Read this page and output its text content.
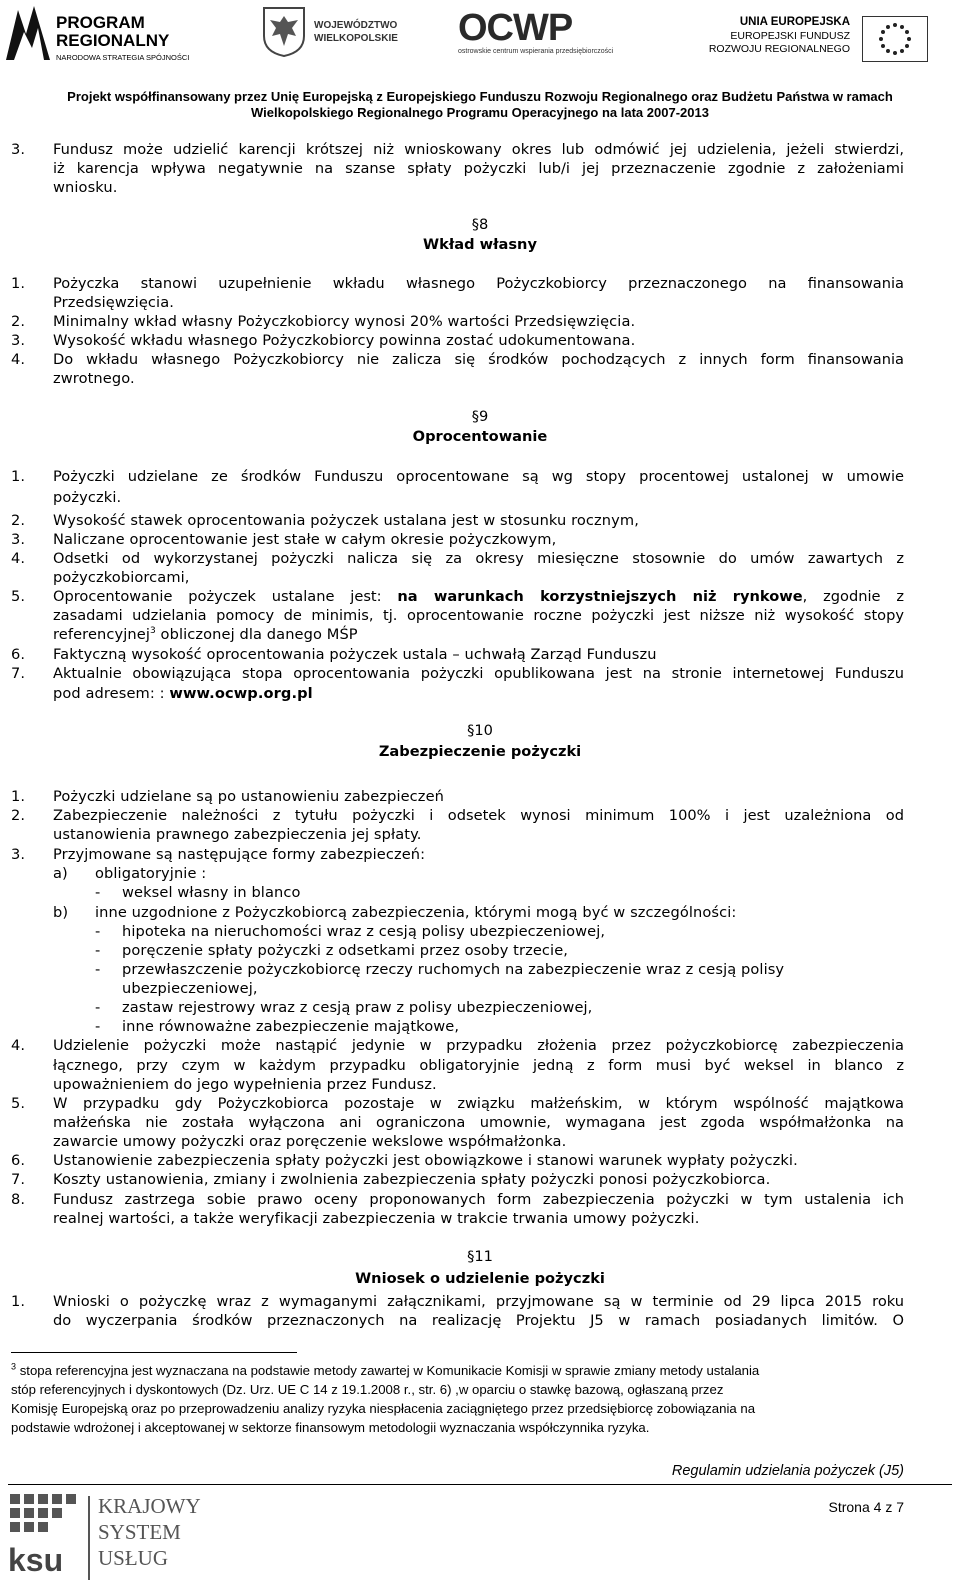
PROGRAM
REGIONALNY
NARODOWA STRATEGIA SPÓJNOŚCI
WOJEWÓDZTWO
WIELKOPOLSKIE OCWP
ostrowskie centrum wspierania przedsiębiorczości
UNIA EUROPEJSKA
EUROPEJSKI FUNDUSZ
ROZWOJU REGIONALNEGO
Projekt współfinansowany przez Unię Europejską z Europejskiego Funduszu Rozwoju Regionalnego oraz Budżetu Państwa w ramach
Wielkopolskiego Regionalnego Programu Operacyjnego na lata 2007-2013
3. Fundusz może udzielić karencji krótszej niż wnioskowany okres lub odmówić jej udzielenia, jeżeli stwierdzi,
iż karencja wpływa negatywnie na szanse spłaty pożyczki lub/i jej przeznaczenie zgodnie z założeniami
wniosku.
§8
Wkład własny
1. Pożyczka stanowi uzupełnienie wkładu własnego Pożyczkobiorcy przeznaczonego na finansowania
Przedsięwzięcia.
2. Minimalny wkład własny Pożyczkobiorcy wynosi 20% wartości Przedsięwzięcia.
3. Wysokość wkładu własnego Pożyczkobiorcy powinna zostać udokumentowana.
4. Do wkładu własnego Pożyczkobiorcy nie zalicza się środków pochodzących z innych form finansowania
zwrotnego.
§9
Oprocentowanie
1. Pożyczki udzielane ze środków Funduszu oprocentowane są wg stopy procentowej ustalonej w umowie
pożyczki.
2. Wysokość stawek oprocentowania pożyczek ustalana jest w stosunku rocznym,
3. Naliczane oprocentowanie jest stałe w całym okresie pożyczkowym,
4. Odsetki od wykorzystanej pożyczki nalicza się za okresy miesięczne stosownie do umów zawartych z
pożyczkobiorcami,
5. Oprocentowanie pożyczek ustalane jest: na warunkach korzystniejszych niż rynkowe, zgodnie z
zasadami udzielania pomocy de minimis, tj. oprocentowanie roczne pożyczki jest niższe niż wysokość stopy
referencyjnej$^3$ obliczonej dla danego MŚP
6. Faktyczną wysokość oprocentowania pożyczek ustala – uchwałą Zarząd Funduszu
7. Aktualnie obowiązująca stopa oprocentowania pożyczki opublikowana jest na stronie internetowej Funduszu
pod adresem: : www.ocwp.org.pl
§10
Zabezpieczenie pożyczki
1. Pożyczki udzielane są po ustanowieniu zabezpieczeń
2. Zabezpieczenie należności z tytułu pożyczki i odsetek wynosi minimum 100% i jest uzależniona od
ustanowienia prawnego zabezpieczenia jej spłaty.
3. Przyjmowane są następujące formy zabezpieczeń:
a) obligatoryjnie :
- weksel własny in blanco
b) inne uzgodnione z Pożyczkobiorcą zabezpieczenia, którymi mogą być w szczególności:
- hipoteka na nieruchomości wraz z cesją polisy ubezpieczeniowej,
- poręczenie spłaty pożyczki z odsetkami przez osoby trzecie,
- przewłaszczenie pożyczkobiorcę rzeczy ruchomych na zabezpieczenie wraz z cesją polisy
ubezpieczeniowej,
- zastaw rejestrowy wraz z cesją praw z polisy ubezpieczeniowej,
- inne równoważne zabezpieczenie majątkowe,
4. Udzielenie pożyczki może nastąpić jedynie w przypadku złożenia przez pożyczkobiorcę zabezpieczenia
łącznego, przy czym w każdym przypadku obligatoryjnie jedną z form musi być weksel in blanco z
upoważnieniem do jego wypełnienia przez Fundusz.
5. W przypadku gdy Pożyczkobiorca pozostaje w związku małżeńskim, w którym wspólność majątkowa
małżeńska nie została wyłączona ani ograniczona umownie, wymagana jest zgoda współmałżonka na
zawarcie umowy pożyczki oraz poręczenie wekslowe współmałżonka.
6. Ustanowienie zabezpieczenia spłaty pożyczki jest obowiązkowe i stanowi warunek wypłaty pożyczki.
7. Koszty ustanowienia, zmiany i zwolnienia zabezpieczenia spłaty pożyczki ponosi pożyczkobiorca.
8. Fundusz zastrzega sobie prawo oceny proponowanych form zabezpieczenia pożyczki w tym ustalenia ich
realnej wartości, a także weryfikacji zabezpieczenia w trakcie trwania umowy pożyczki.
§11
Wniosek o udzielenie pożyczki
1. Wnioski o pożyczkę wraz z wymaganymi załącznikami, przyjmowane są w terminie od 29 lipca 2015 roku
do wyczerpania środków przeznaczonych na realizację Projektu J5 w ramach posiadanych limitów. O
$^3$ stopa referencyjna jest wyznaczana na podstawie metody zawartej w Komunikacie Komisji w sprawie zmiany metody ustalania
stóp referencyjnych i dyskontowych (Dz. Urz. UE C 14 z 19.1.2008 r., str. 6) ,w oparciu o stawkę bazową, ogłaszaną przez
Komisję Europejską oraz po przeprowadzeniu analizy ryzyka niespłacenia zaciągniętego przez przedsiębiorcę zobowiązania na
podstawie wdrożonej i akceptowanej w sektorze finansowym metodologii wyznaczania współczynnika ryzyka.
Regulamin udzielania pożyczek (J5)
ksu
KRAJOWY
SYSTEM
USŁUG
Strona 4 z 7
